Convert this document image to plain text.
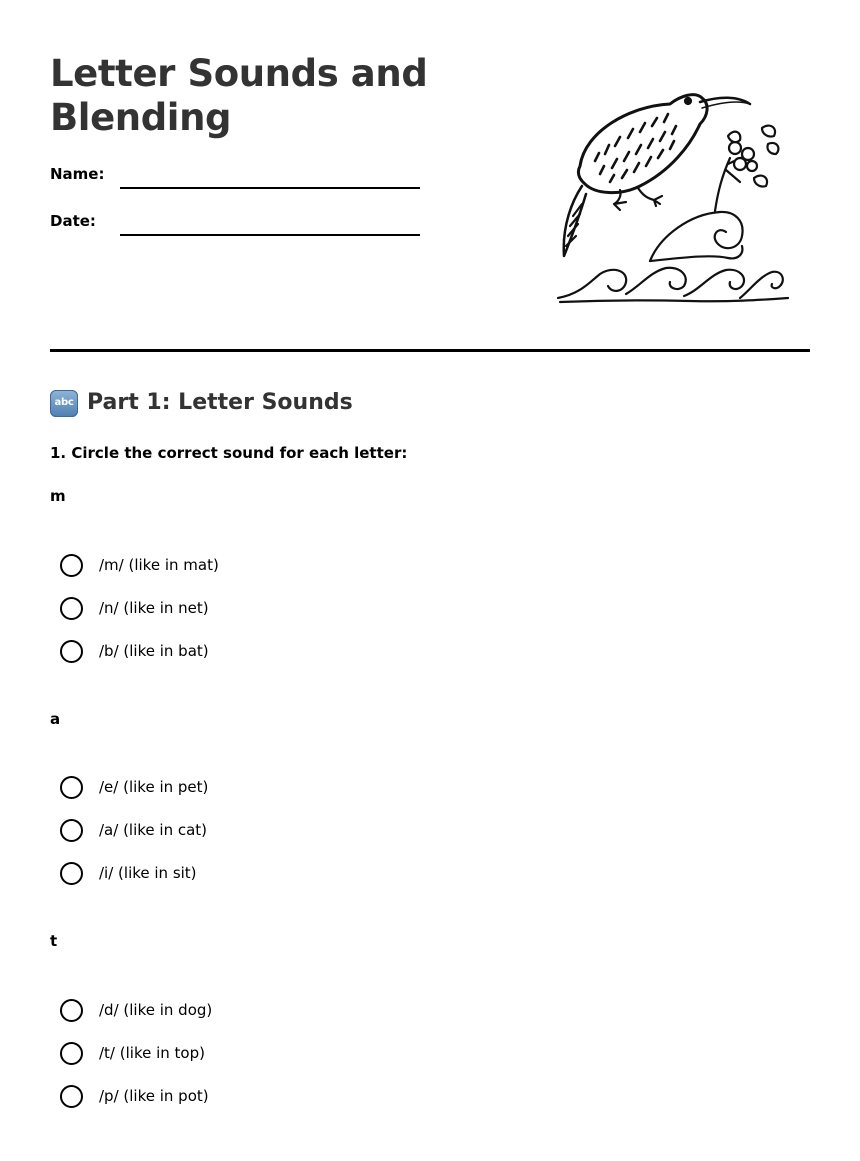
Letter Sounds and Blending
Name:
Date:
abc Part 1: Letter Sounds
1. Circle the correct sound for each letter:
m
/m/ (like in mat)
/n/ (like in net)
/b/ (like in bat)
a
/e/ (like in pet)
/a/ (like in cat)
/i/ (like in sit)
t
/d/ (like in dog)
/t/ (like in top)
/p/ (like in pot)
